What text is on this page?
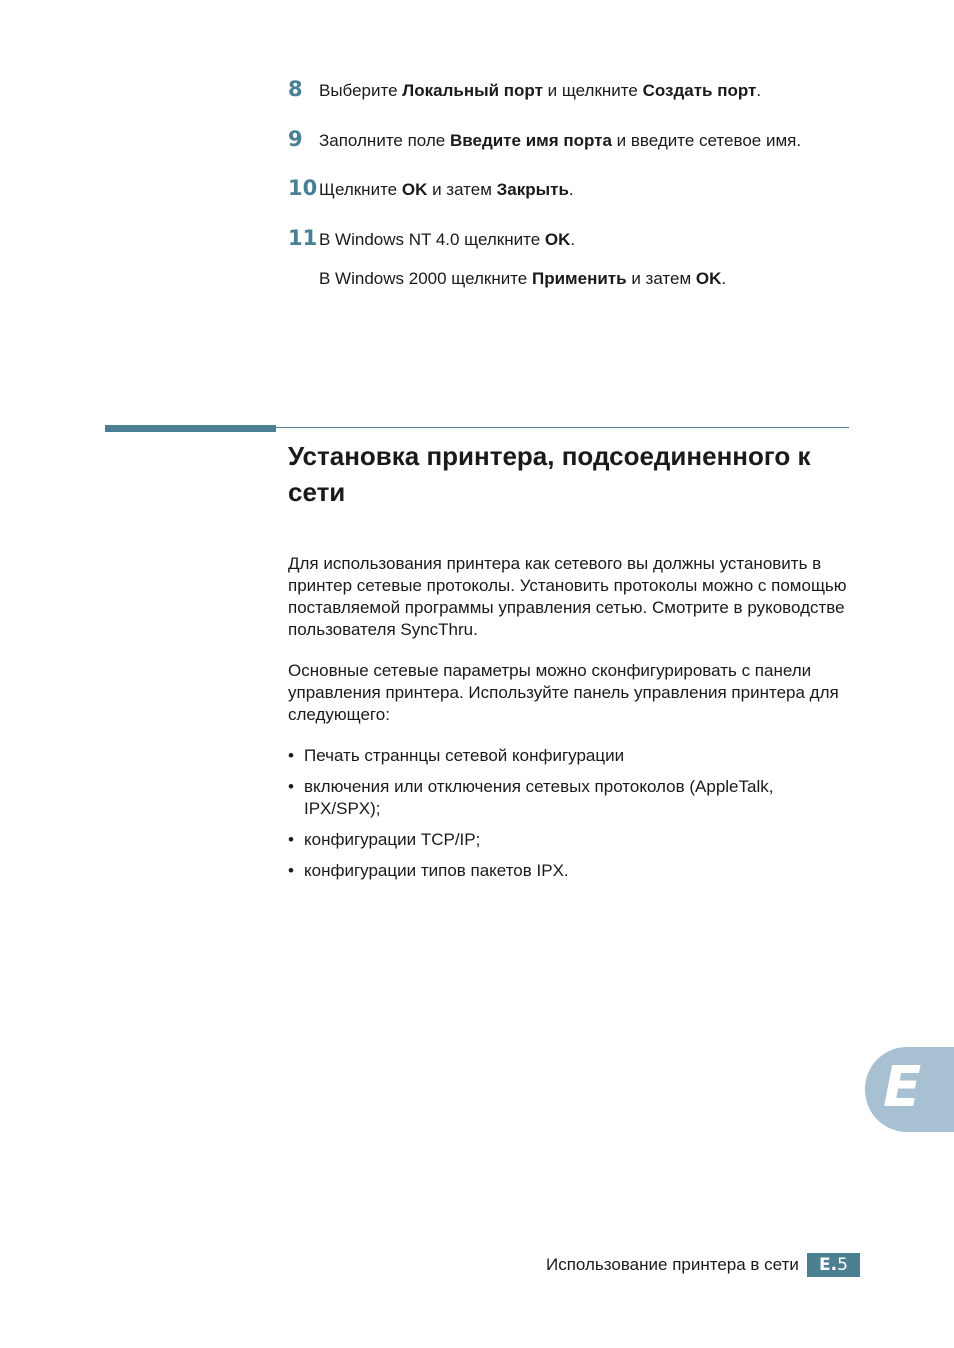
8 Выберите Локальный порт и щелкните Создать порт.
9 Заполните поле Введите имя порта и введите сетевое имя.
10 Щелкните OK и затем Закрыть.
11 В Windows NT 4.0 щелкните OK.
В Windows 2000 щелкните Применить и затем OK.
Установка принтера, подсоединенного к сети

Для использования принтера как сетевого вы должны установить в принтер сетевые протоколы. Установить протоколы можно с помощью поставляемой программы управления сетью. Смотрите в руководстве пользователя SyncThru.

Основные сетевые параметры можно сконфигурировать с панели управления принтера. Используйте панель управления принтера для следующего:

• Печать страннцы сетевой конфигурации
• включения или отключения сетевых протоколов (AppleTalk, IPX/SPX);
• конфигурации TCP/IP;
• конфигурации типов пакетов IPX.
E
Использование принтера в сети	E.5
